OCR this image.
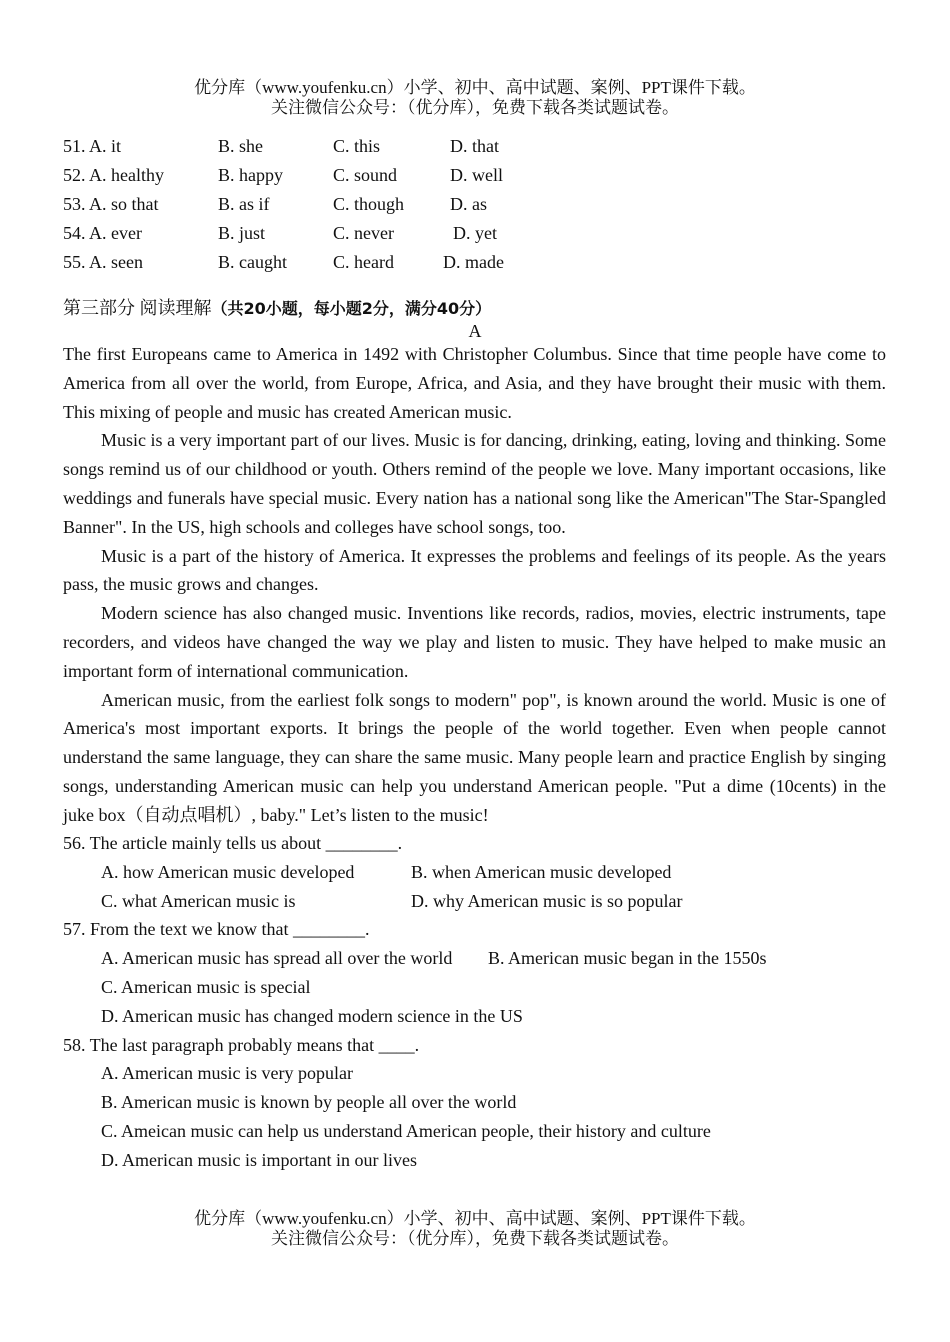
优分库（www.youfenku.cn）小学、初中、高中试题、案例、PPT课件下载。
关注微信公众号：（优分库），免费下载各类试题试卷。
51. A. it	B. she	C. this	D. that
52. A. healthy	B. happy	C. sound	D. well
53. A. so that	B. as if	C. though	D. as
54. A. ever	B. just	C. never	D. yet
55. A. seen	B. caught	C. heard	D. made
第三部分 阅读理解（共20小题，每小题2分，满分40分）
A

The first Europeans came to America in 1492 with Christopher Columbus. Since that time people have come to America from all over the world, from Europe, Africa, and Asia, and they have brought their music with them. This mixing of people and music has created American music.

Music is a very important part of our lives. Music is for dancing, drinking, eating, loving and thinking. Some songs remind us of our childhood or youth. Others remind of the people we love. Many important occasions, like weddings and funerals have special music. Every nation has a national song like the American"The Star-Spangled Banner". In the US, high schools and colleges have school songs, too.

Music is a part of the history of America. It expresses the problems and feelings of its people. As the years pass, the music grows and changes.

Modern science has also changed music. Inventions like records, radios, movies, electric instruments, tape recorders, and videos have changed the way we play and listen to music. They have helped to make music an important form of international communication.

American music, from the earliest folk songs to modern" pop", is known around the world. Music is one of America's most important exports. It brings the people of the world together. Even when people cannot understand the same language, they can share the same music. Many people learn and practice English by singing songs, understanding American music can help you understand American people. "Put a dime (10cents) in the juke box（自动点唱机）, baby." Let’s listen to the music!

56. The article mainly tells us about ________.
A. how American music developed	B. when American music developed
C. what American music is	D. why American music is so popular
57. From the text we know that ________.
A. American music has spread all over the world B. American music began in the 1550s
C. American music is special
D. American music has changed modern science in the US
58. The last paragraph probably means that ____.
A. American music is very popular
B. American music is known by people all over the world
C. Ameican music can help us understand American people, their history and culture
D. American music is important in our lives
优分库（www.youfenku.cn）小学、初中、高中试题、案例、PPT课件下载。
关注微信公众号：（优分库），免费下载各类试题试卷。
